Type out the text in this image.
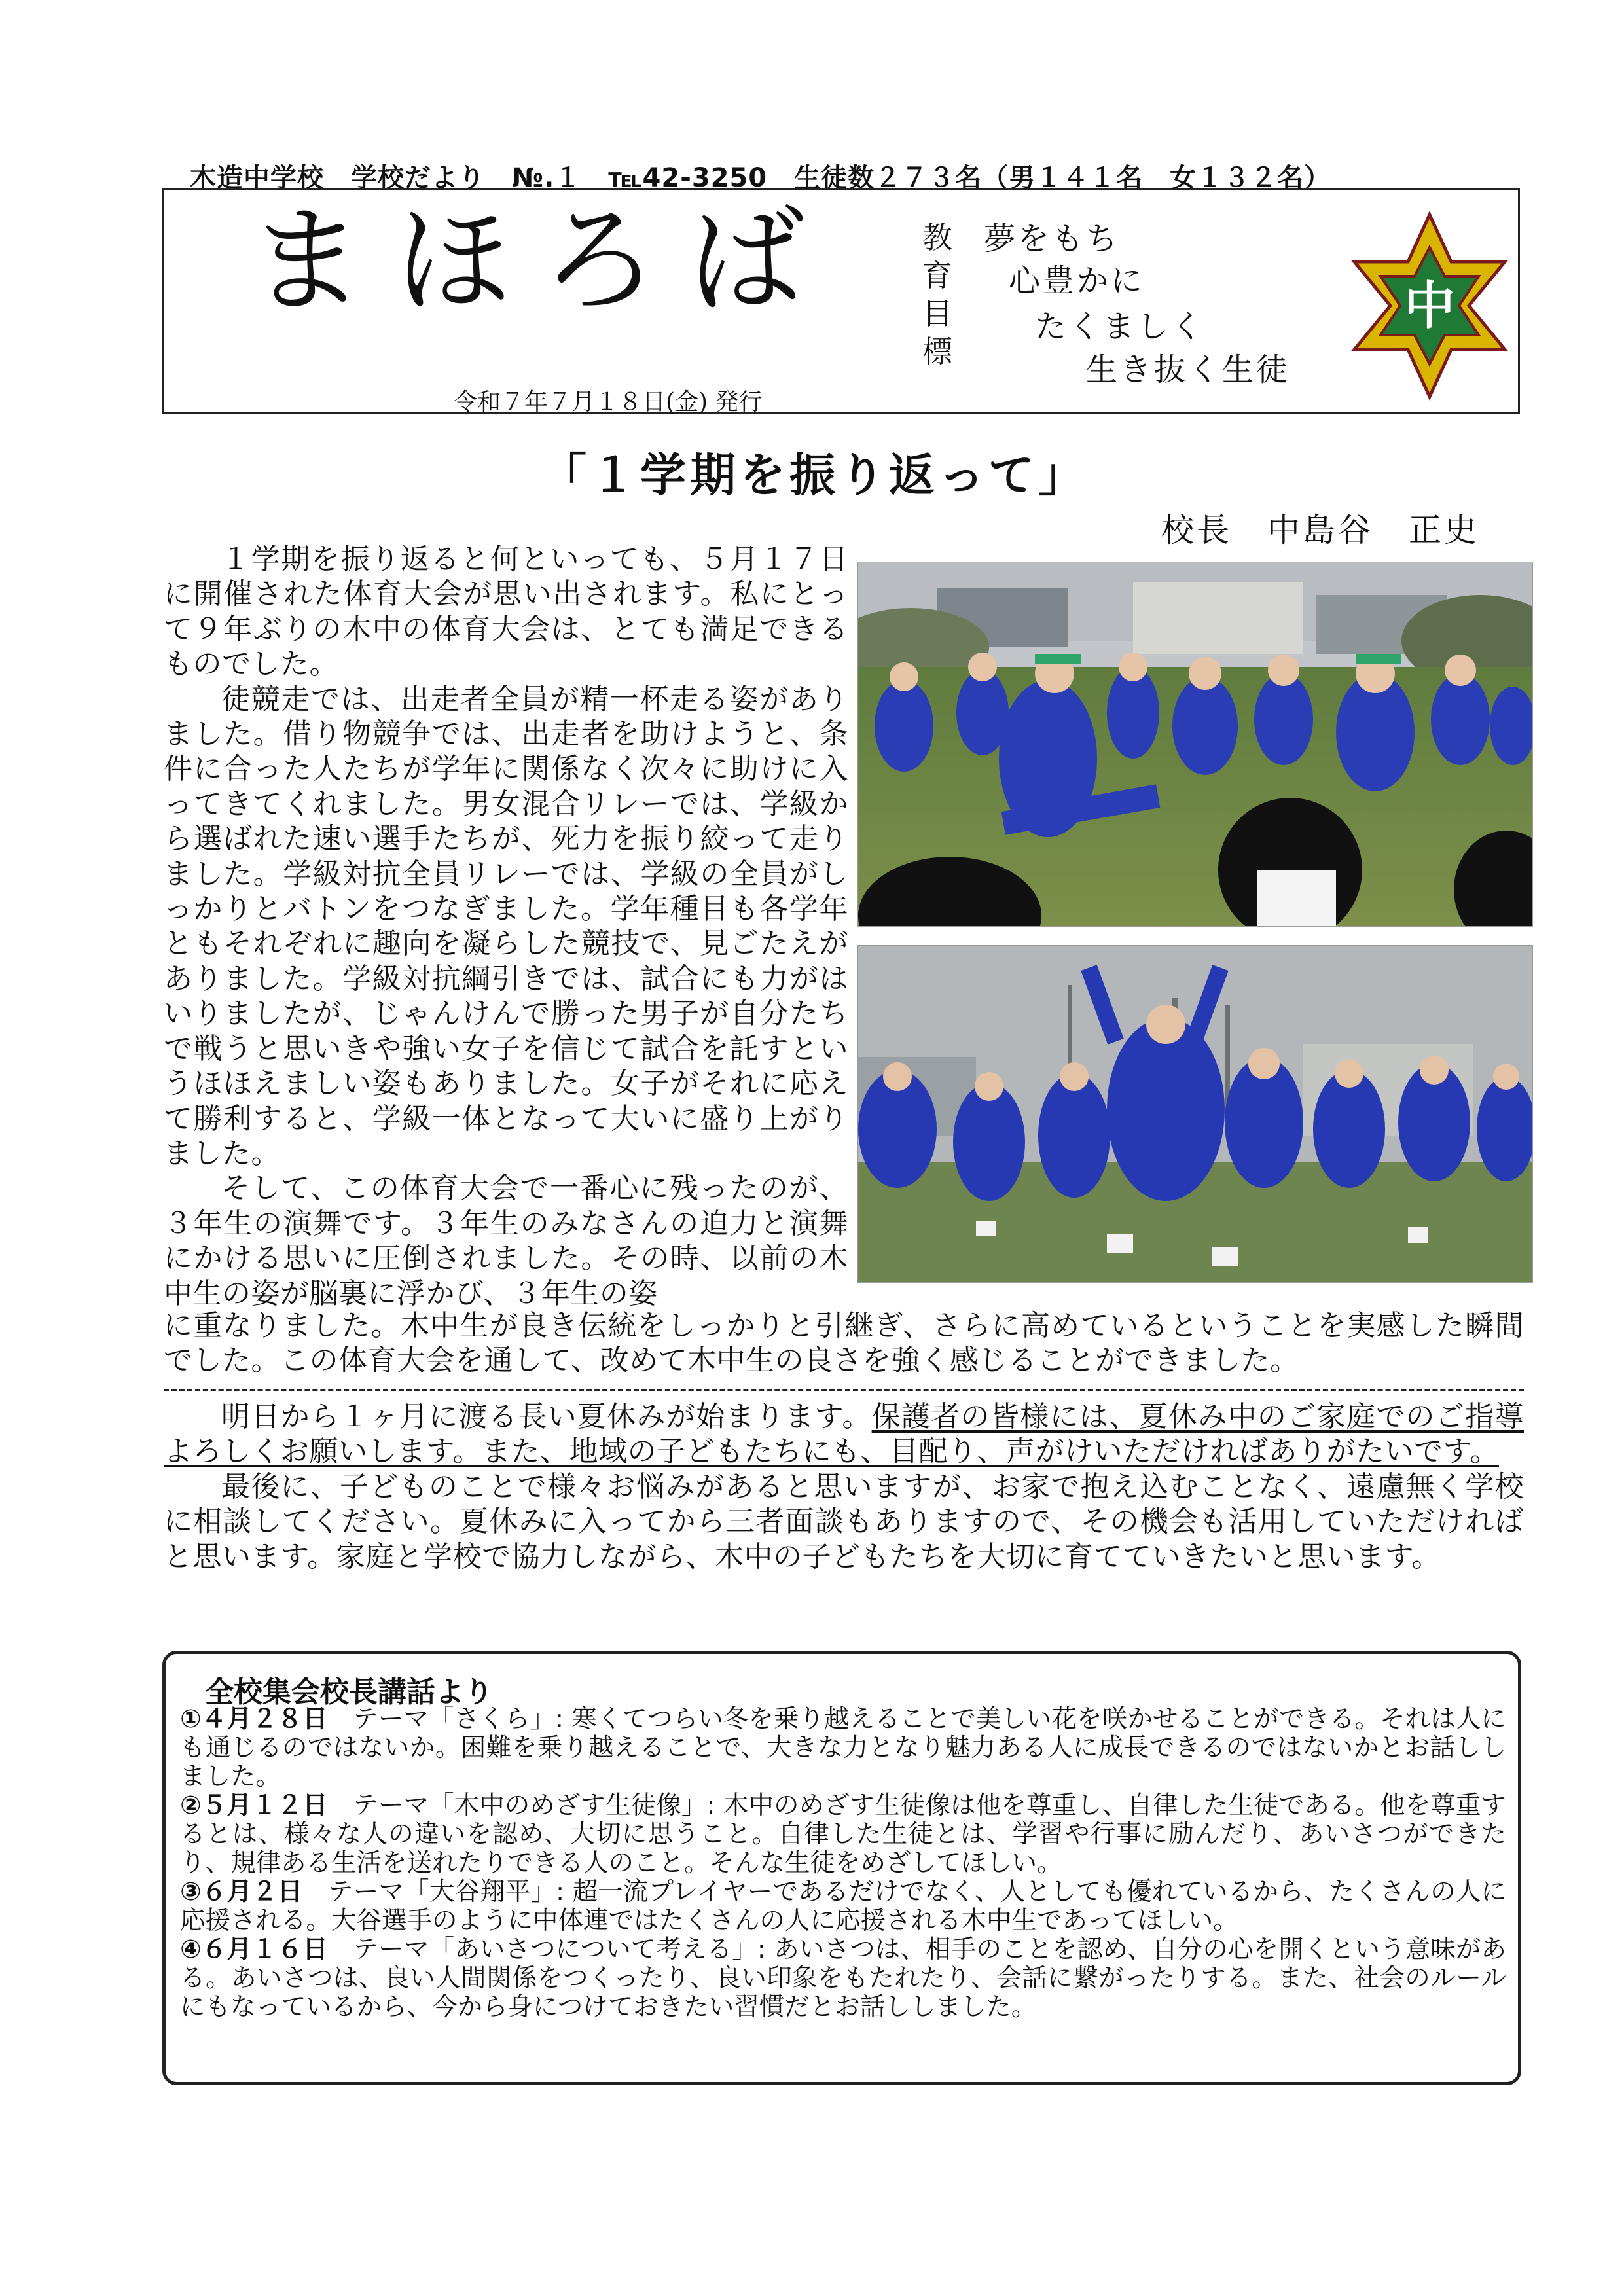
木造中学校　学校だより　№.１　℡42-3250　生徒数２７３名（男１４１名　女１３２名）
まほろば
令和７年７月１８日(金) 発行
教育目標
夢をもち
心豊かに
たくましく
生き抜く生徒
中
「１学期を振り返って」
校長　中島谷　正史

１学期を振り返ると何といっても、５月１７日に開催された体育大会が思い出されます。私にとって９年ぶりの木中の体育大会は、とても満足できるものでした。

徒競走では、出走者全員が精一杯走る姿がありました。借り物競争では、出走者を助けようと、条件に合った人たちが学年に関係なく次々に助けに入ってきてくれました。男女混合リレーでは、学級から選ばれた速い選手たちが、死力を振り絞って走りました。学級対抗全員リレーでは、学級の全員がしっかりとバトンをつなぎました。学年種目も各学年ともそれぞれに趣向を凝らした競技で、見ごたえがありました。学級対抗綱引きでは、試合にも力がはいりましたが、じゃんけんで勝った男子が自分たちで戦うと思いきや強い女子を信じて試合を託すというほほえましい姿もありました。女子がそれに応えて勝利すると、学級一体となって大いに盛り上がりました。

そして、この体育大会で一番心に残ったのが、３年生の演舞です。３年生のみなさんの迫力と演舞にかける思いに圧倒されました。その時、以前の木中生の姿が脳裏に浮かび、３年生の姿

に重なりました。木中生が良き伝統をしっかりと引継ぎ、さらに高めているということを実感した瞬間でした。この体育大会を通して、改めて木中生の良さを強く感じることができました。

明日から１ヶ月に渡る長い夏休みが始まります。保護者の皆様には、夏休み中のご家庭でのご指導よろしくお願いします。また、地域の子どもたちにも、目配り、声がけいただければありがたいです。

最後に、子どものことで様々お悩みがあると思いますが、お家で抱え込むことなく、遠慮無く学校に相談してください。夏休みに入ってから三者面談もありますので、その機会も活用していただければと思います。家庭と学校で協力しながら、木中の子どもたちを大切に育てていきたいと思います。

全校集会校長講話より

①４月２８日　テーマ「さくら」: 寒くてつらい冬を乗り越えることで美しい花を咲かせることができる。それは人にも通じるのではないか。困難を乗り越えることで、大きな力となり魅力ある人に成長できるのではないかとお話ししました。

②５月１２日　テーマ「木中のめざす生徒像」: 木中のめざす生徒像は他を尊重し、自律した生徒である。他を尊重するとは、様々な人の違いを認め、大切に思うこと。自律した生徒とは、学習や行事に励んだり、あいさつができたり、規律ある生活を送れたりできる人のこと。そんな生徒をめざしてほしい。

③６月２日　テーマ「大谷翔平」: 超一流プレイヤーであるだけでなく、人としても優れているから、たくさんの人に応援される。大谷選手のように中体連ではたくさんの人に応援される木中生であってほしい。

④６月１６日　テーマ「あいさつについて考える」: あいさつは、相手のことを認め、自分の心を開くという意味がある。あいさつは、良い人間関係をつくったり、良い印象をもたれたり、会話に繋がったりする。また、社会のルールにもなっているから、今から身につけておきたい習慣だとお話ししました。
